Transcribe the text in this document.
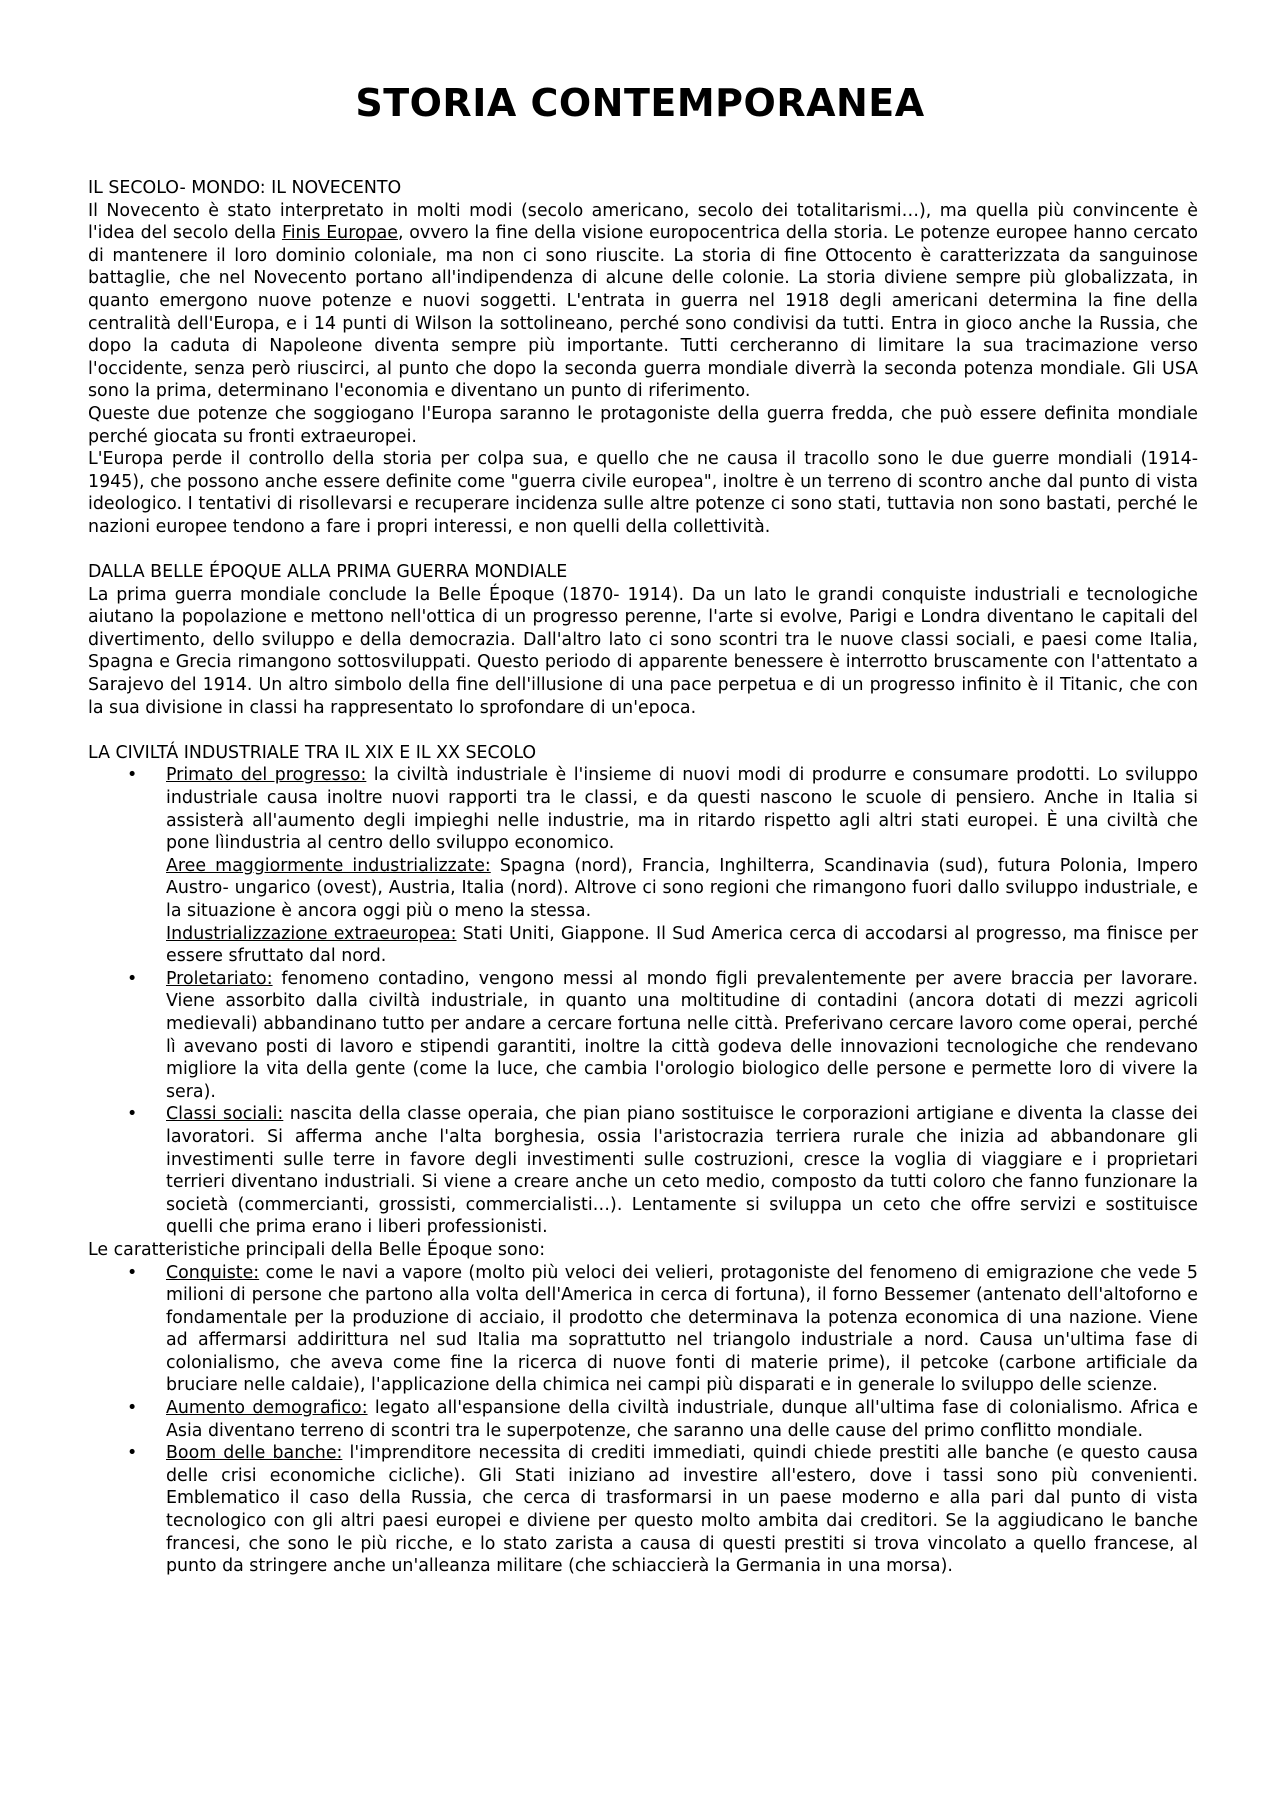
STORIA CONTEMPORANEA
IL SECOLO- MONDO: IL NOVECENTO

Il Novecento è stato interpretato in molti modi (secolo americano, secolo dei totalitarismi…), ma quella più convincente è l'idea del secolo della Finis Europae, ovvero la fine della visione europocentrica della storia. Le potenze europee hanno cercato di mantenere il loro dominio coloniale, ma non ci sono riuscite. La storia di fine Ottocento è caratterizzata da sanguinose battaglie, che nel Novecento portano all'indipendenza di alcune delle colonie. La storia diviene sempre più globalizzata, in quanto emergono nuove potenze e nuovi soggetti. L'entrata in guerra nel 1918 degli americani determina la fine della centralità dell'Europa, e i 14 punti di Wilson la sottolineano, perché sono condivisi da tutti. Entra in gioco anche la Russia, che dopo la caduta di Napoleone diventa sempre più importante. Tutti cercheranno di limitare la sua tracimazione verso l'occidente, senza però riuscirci, al punto che dopo la seconda guerra mondiale diverrà la seconda potenza mondiale. Gli USA sono la prima, determinano l'economia e diventano un punto di riferimento.

Queste due potenze che soggiogano l'Europa saranno le protagoniste della guerra fredda, che può essere definita mondiale perché giocata su fronti extraeuropei.

L'Europa perde il controllo della storia per colpa sua, e quello che ne causa il tracollo sono le due guerre mondiali (1914- 1945), che possono anche essere definite come "guerra civile europea", inoltre è un terreno di scontro anche dal punto di vista ideologico. I tentativi di risollevarsi e recuperare incidenza sulle altre potenze ci sono stati, tuttavia non sono bastati, perché le nazioni europee tendono a fare i propri interessi, e non quelli della collettività.

DALLA BELLE ÉPOQUE ALLA PRIMA GUERRA MONDIALE

La prima guerra mondiale conclude la Belle Époque (1870- 1914). Da un lato le grandi conquiste industriali e tecnologiche aiutano la popolazione e mettono nell'ottica di un progresso perenne, l'arte si evolve, Parigi e Londra diventano le capitali del divertimento, dello sviluppo e della democrazia. Dall'altro lato ci sono scontri tra le nuove classi sociali, e paesi come Italia, Spagna e Grecia rimangono sottosviluppati. Questo periodo di apparente benessere è interrotto bruscamente con l'attentato a Sarajevo del 1914. Un altro simbolo della fine dell'illusione di una pace perpetua e di un progresso infinito è il Titanic, che con la sua divisione in classi ha rappresentato lo sprofondare di un'epoca.

LA CIVILTÁ INDUSTRIALE TRA IL XIX E IL XX SECOLO
• Primato del progresso: la civiltà industriale è l'insieme di nuovi modi di produrre e consumare prodotti. Lo sviluppo industriale causa inoltre nuovi rapporti tra le classi, e da questi nascono le scuole di pensiero. Anche in Italia si assisterà all'aumento degli impieghi nelle industrie, ma in ritardo rispetto agli altri stati europei. È una civiltà che pone lìindustria al centro dello sviluppo economico.
Aree maggiormente industrializzate: Spagna (nord), Francia, Inghilterra, Scandinavia (sud), futura Polonia, Impero Austro- ungarico (ovest), Austria, Italia (nord). Altrove ci sono regioni che rimangono fuori dallo sviluppo industriale, e la situazione è ancora oggi più o meno la stessa.
Industrializzazione extraeuropea: Stati Uniti, Giappone. Il Sud America cerca di accodarsi al progresso, ma finisce per essere sfruttato dal nord.
• Proletariato: fenomeno contadino, vengono messi al mondo figli prevalentemente per avere braccia per lavorare. Viene assorbito dalla civiltà industriale, in quanto una moltitudine di contadini (ancora dotati di mezzi agricoli medievali) abbandinano tutto per andare a cercare fortuna nelle città. Preferivano cercare lavoro come operai, perché lì avevano posti di lavoro e stipendi garantiti, inoltre la città godeva delle innovazioni tecnologiche che rendevano migliore la vita della gente (come la luce, che cambia l'orologio biologico delle persone e permette loro di vivere la sera).
• Classi sociali: nascita della classe operaia, che pian piano sostituisce le corporazioni artigiane e diventa la classe dei lavoratori. Si afferma anche l'alta borghesia, ossia l'aristocrazia terriera rurale che inizia ad abbandonare gli investimenti sulle terre in favore degli investimenti sulle costruzioni, cresce la voglia di viaggiare e i proprietari terrieri diventano industriali. Si viene a creare anche un ceto medio, composto da tutti coloro che fanno funzionare la società (commercianti, grossisti, commercialisti…). Lentamente si sviluppa un ceto che offre servizi e sostituisce quelli che prima erano i liberi professionisti.

Le caratteristiche principali della Belle Époque sono:

• Conquiste: come le navi a vapore (molto più veloci dei velieri, protagoniste del fenomeno di emigrazione che vede 5 milioni di persone che partono alla volta dell'America in cerca di fortuna), il forno Bessemer (antenato dell'altoforno e fondamentale per la produzione di acciaio, il prodotto che determinava la potenza economica di una nazione. Viene ad affermarsi addirittura nel sud Italia ma soprattutto nel triangolo industriale a nord. Causa un'ultima fase di colonialismo, che aveva come fine la ricerca di nuove fonti di materie prime), il petcoke (carbone artificiale da bruciare nelle caldaie), l'applicazione della chimica nei campi più disparati e in generale lo sviluppo delle scienze.
• Aumento demografico: legato all'espansione della civiltà industriale, dunque all'ultima fase di colonialismo. Africa e Asia diventano terreno di scontri tra le superpotenze, che saranno una delle cause del primo conflitto mondiale.
• Boom delle banche: l'imprenditore necessita di crediti immediati, quindi chiede prestiti alle banche (e questo causa delle crisi economiche cicliche). Gli Stati iniziano ad investire all'estero, dove i tassi sono più convenienti. Emblematico il caso della Russia, che cerca di trasformarsi in un paese moderno e alla pari dal punto di vista tecnologico con gli altri paesi europei e diviene per questo molto ambita dai creditori. Se la aggiudicano le banche francesi, che sono le più ricche, e lo stato zarista a causa di questi prestiti si trova vincolato a quello francese, al punto da stringere anche un'alleanza militare (che schiaccierà la Germania in una morsa).
